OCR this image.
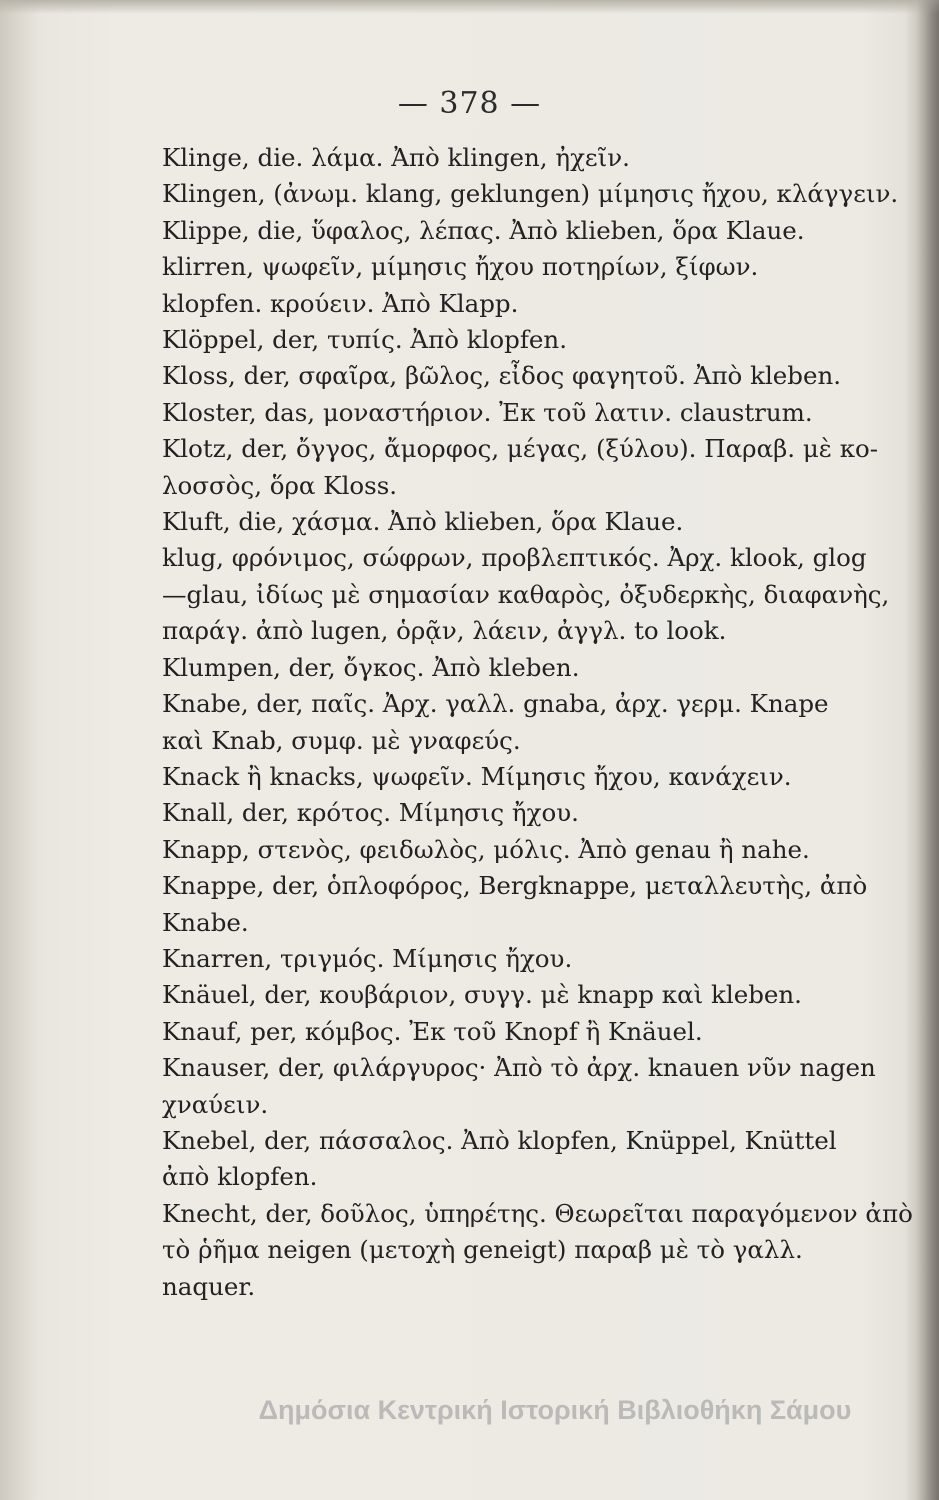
— 378 —
Klinge, die. λάμα. Ἀπὸ klingen, ἠχεῖν.
Klingen, (ἀνωμ. klang, geklungen) μίμησις ἤχου, κλάγγειν.
Klippe, die, ὕφαλος, λέπας. Ἀπὸ klieben, ὅρα Klaue.
klirren, ψωφεῖν, μίμησις ἤχου ποτηρίων, ξίφων.
klopfen. κρούειν. Ἀπὸ Klapp.
Klöppel, der, τυπίς. Ἀπὸ klopfen.
Kloss, der, σφαῖρα, βῶλος, εἶδος φαγητοῦ. Ἀπὸ kleben.
Kloster, das, μοναστήριον. Ἐκ τοῦ λατιν. claustrum.
Klotz, der, ὄγγος, ἄμορφος, μέγας, (ξύλου). Παραβ. μὲ κο-
λοσσὸς, ὅρα Kloss.
Kluft, die, χάσμα. Ἀπὸ klieben, ὅρα Klaue.
klug, φρόνιμος, σώφρων, προβλεπτικός. Ἀρχ. klook, glog
—glau, ἰδίως μὲ σημασίαν καθαρὸς, ὀξυδερκὴς, διαφανὴς,
παράγ. ἀπὸ lugen, ὁρᾷν, λάειν, ἀγγλ. to look.
Klumpen, der, ὄγκος. Ἀπὸ kleben.
Knabe, der, παῖς. Ἀρχ. γαλλ. gnaba, ἀρχ. γερμ. Knape
καὶ Knab, συμφ. μὲ γναφεύς.
Knack ἢ knacks, ψωφεῖν. Μίμησις ἤχου, κανάχειν.
Knall, der, κρότος. Μίμησις ἤχου.
Knapp, στενὸς, φειδωλὸς, μόλις. Ἀπὸ genau ἢ nahe.
Knappe, der, ὁπλοφόρος, Bergknappe, μεταλλευτὴς, ἀπὸ
Knabe.
Knarren, τριγμός. Μίμησις ἤχου.
Knäuel, der, κουβάριον, συγγ. μὲ knapp καὶ kleben.
Knauf, per, κόμβος. Ἐκ τοῦ Knopf ἢ Knäuel.
Knauser, der, φιλάργυρος· Ἀπὸ τὸ ἀρχ. knauen νῦν nagen
χναύειν.
Knebel, der, πάσσαλος. Ἀπὸ klopfen, Knüppel, Knüttel
ἀπὸ klopfen.
Knecht, der, δοῦλος, ὑπηρέτης. Θεωρεῖται παραγόμενον ἀπὸ
τὸ ῥῆμα neigen (μετοχὴ geneigt) παραβ μὲ τὸ γαλλ.
naquer.
Δημόσια Κεντρική Ιστορική Βιβλιοθήκη Σάμου
